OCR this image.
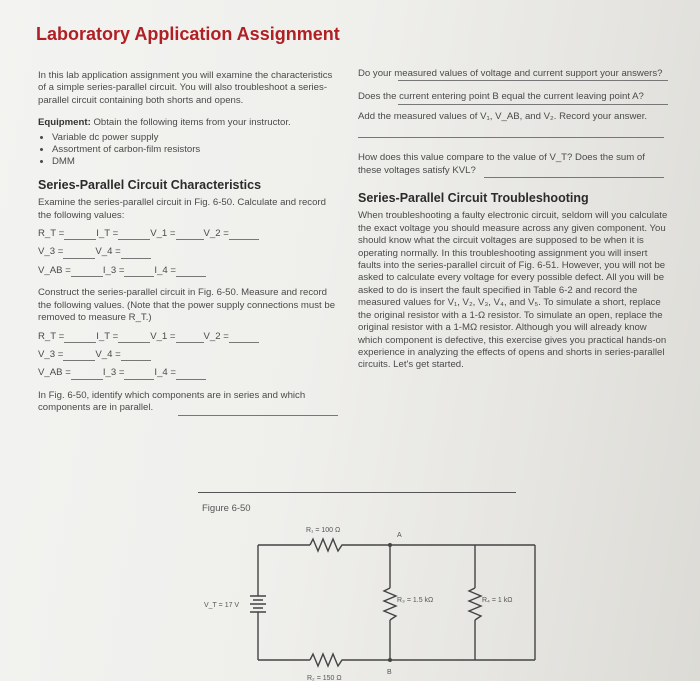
Laboratory Application Assignment

In this lab application assignment you will examine the characteristics of a simple series-parallel circuit. You will also troubleshoot a series-parallel circuit containing both shorts and opens.

Equipment: Obtain the following items from your instructor.

• Variable dc power supply
• Assortment of carbon-film resistors
• DMM
Series-Parallel Circuit Characteristics

Examine the series-parallel circuit in Fig. 6-50. Calculate and record the following values:

R_T =	I_T =	V_1 =	V_2 =
V_3 =	V_4 =
V_AB =	I_3 =	I_4 =

Construct the series-parallel circuit in Fig. 6-50. Measure and record the following values. (Note that the power supply connections must be removed to measure R_T.)

R_T =	I_T =	V_1 =	V_2 =
V_3 =	V_4 =
V_AB =	I_3 =	I_4 =

In Fig. 6-50, identify which components are in series and which components are in parallel.

Do your measured values of voltage and current support your answers?

Does the current entering point B equal the current leaving point A?

Add the measured values of V₁, V_AB, and V₂. Record your answer.

How does this value compare to the value of V_T? Does the sum of these voltages satisfy KVL?

Series-Parallel Circuit Troubleshooting

When troubleshooting a faulty electronic circuit, seldom will you calculate the exact voltage you should measure across any given component. You should know what the circuit voltages are supposed to be when it is operating normally. In this troubleshooting assignment you will insert faults into the series-parallel circuit of Fig. 6-51. However, you will not be asked to calculate every voltage for every possible defect. All you will be asked to do is insert the fault specified in Table 6-2 and record the measured values for V₁, V₂, V₃, V₄, and V₅. To simulate a short, replace the original resistor with a 1-Ω resistor. To simulate an open, replace the original resistor with a 1-MΩ resistor. Although you will already know which component is defective, this exercise gives you practical hands-on experience in analyzing the effects of opens and shorts in series-parallel circuits. Let's get started.

Figure 6-50
A
B
R₁ = 100 Ω
R₂ = 150 Ω
R₃ = 1.5 kΩ	R₄ = 1 kΩ
V_T = 17 V
